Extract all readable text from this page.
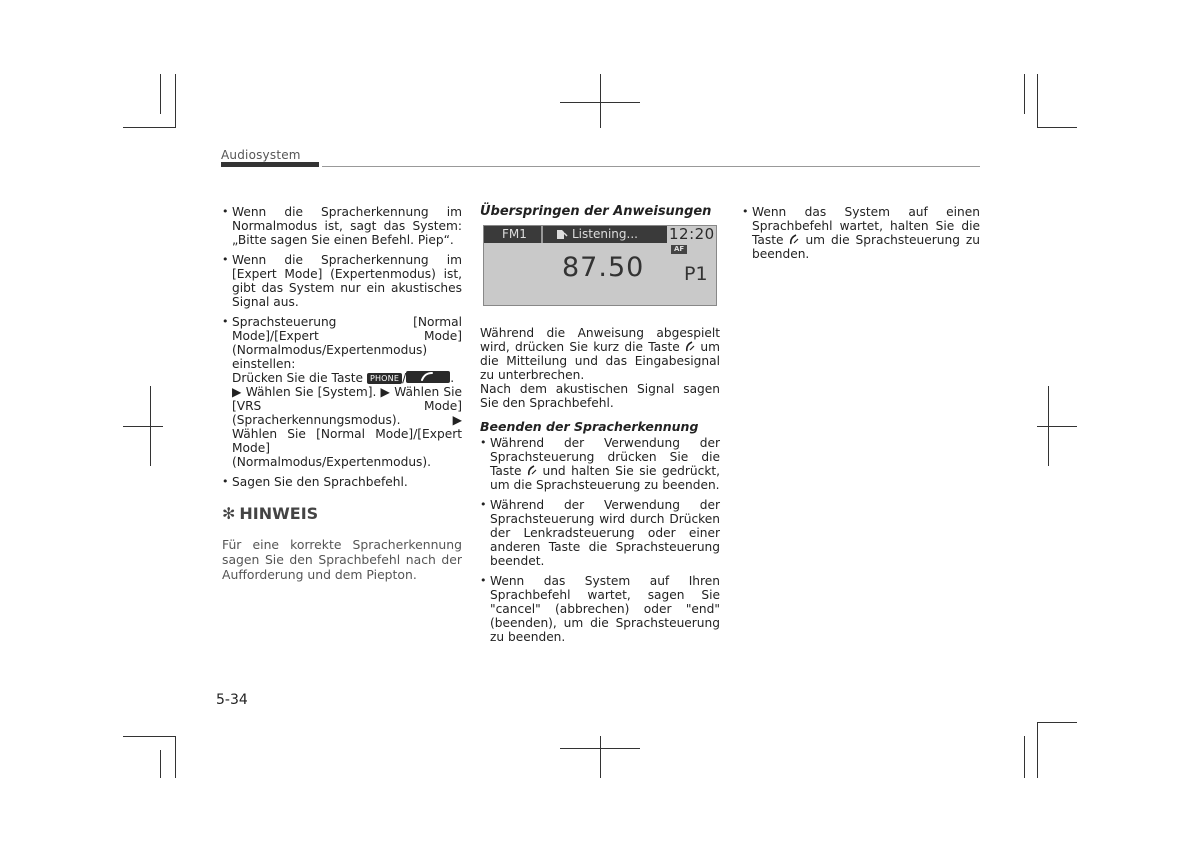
Audiosystem
• Wenn die Spracherkennung im Normalmodus ist, sagt das System: „Bitte sagen Sie einen Befehl. Piep“.
• Wenn die Spracherkennung im [Expert Mode] (Expertenmodus) ist, gibt das System nur ein akustisches Signal aus.
• Sprachsteuerung [Normal Mode]/[Expert Mode] (Normalmodus/Expertenmodus) einstellen:
Drücken Sie die Taste PHONE /	.
▶ Wählen Sie [System]. ▶ Wählen Sie [VRS Mode] (Spracherkennungsmodus). ▶ Wählen Sie [Normal Mode]/[Expert Mode] (Normalmodus/Expertenmodus).
• Sagen Sie den Sprachbefehl.
✻ HINWEIS
Für eine korrekte Spracherkennung sagen Sie den Sprachbefehl nach der Aufforderung und dem Piepton.
Überspringen der Anweisungen
FM1	Listening... 12:20
AF
87.50 P1

Während die Anweisung abgespielt wird, drücken Sie kurz die Taste um die Mitteilung und das Eingabesignal zu unterbrechen.

Nach dem akustischen Signal sagen Sie den Sprachbefehl.

Beenden der Spracherkennung
• Während der Verwendung der Sprachsteuerung drücken Sie die Taste und halten Sie sie gedrückt, um die Sprachsteuerung zu beenden.
• Während der Verwendung der Sprachsteuerung wird durch Drücken der Lenkradsteuerung oder einer anderen Taste die Sprachsteuerung beendet.
• Wenn das System auf Ihren Sprachbefehl wartet, sagen Sie "cancel" (abbrechen) oder "end" (beenden), um die Sprachsteuerung zu beenden.
• Wenn das System auf einen Sprachbefehl wartet, halten Sie die Taste um die Sprachsteuerung zu beenden.
5-34
